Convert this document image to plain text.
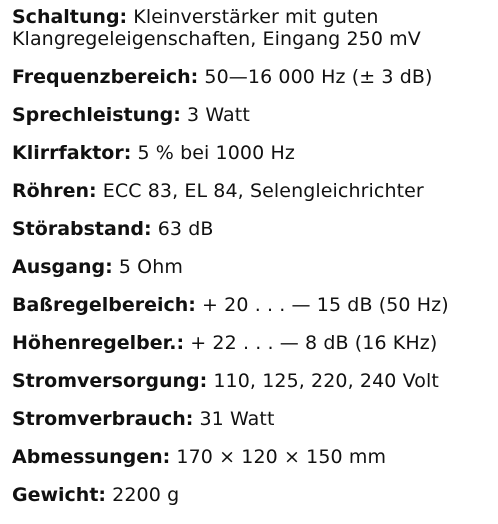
Schaltung: Kleinverstärker mit guten
Klangregeleigenschaften, Eingang 250 mV
Frequenzbereich: 50—16 000 Hz (± 3 dB)
Sprechleistung: 3 Watt
Klirrfaktor: 5 % bei 1000 Hz
Röhren: ECC 83, EL 84, Selengleichrichter
Störabstand: 63 dB
Ausgang: 5 Ohm
Baßregelbereich: + 20 . . . — 15 dB (50 Hz)
Höhenregelber.: + 22 . . . — 8 dB (16 KHz)
Stromversorgung: 110, 125, 220, 240 Volt
Stromverbrauch: 31 Watt
Abmessungen: 170 × 120 × 150 mm
Gewicht: 2200 g
